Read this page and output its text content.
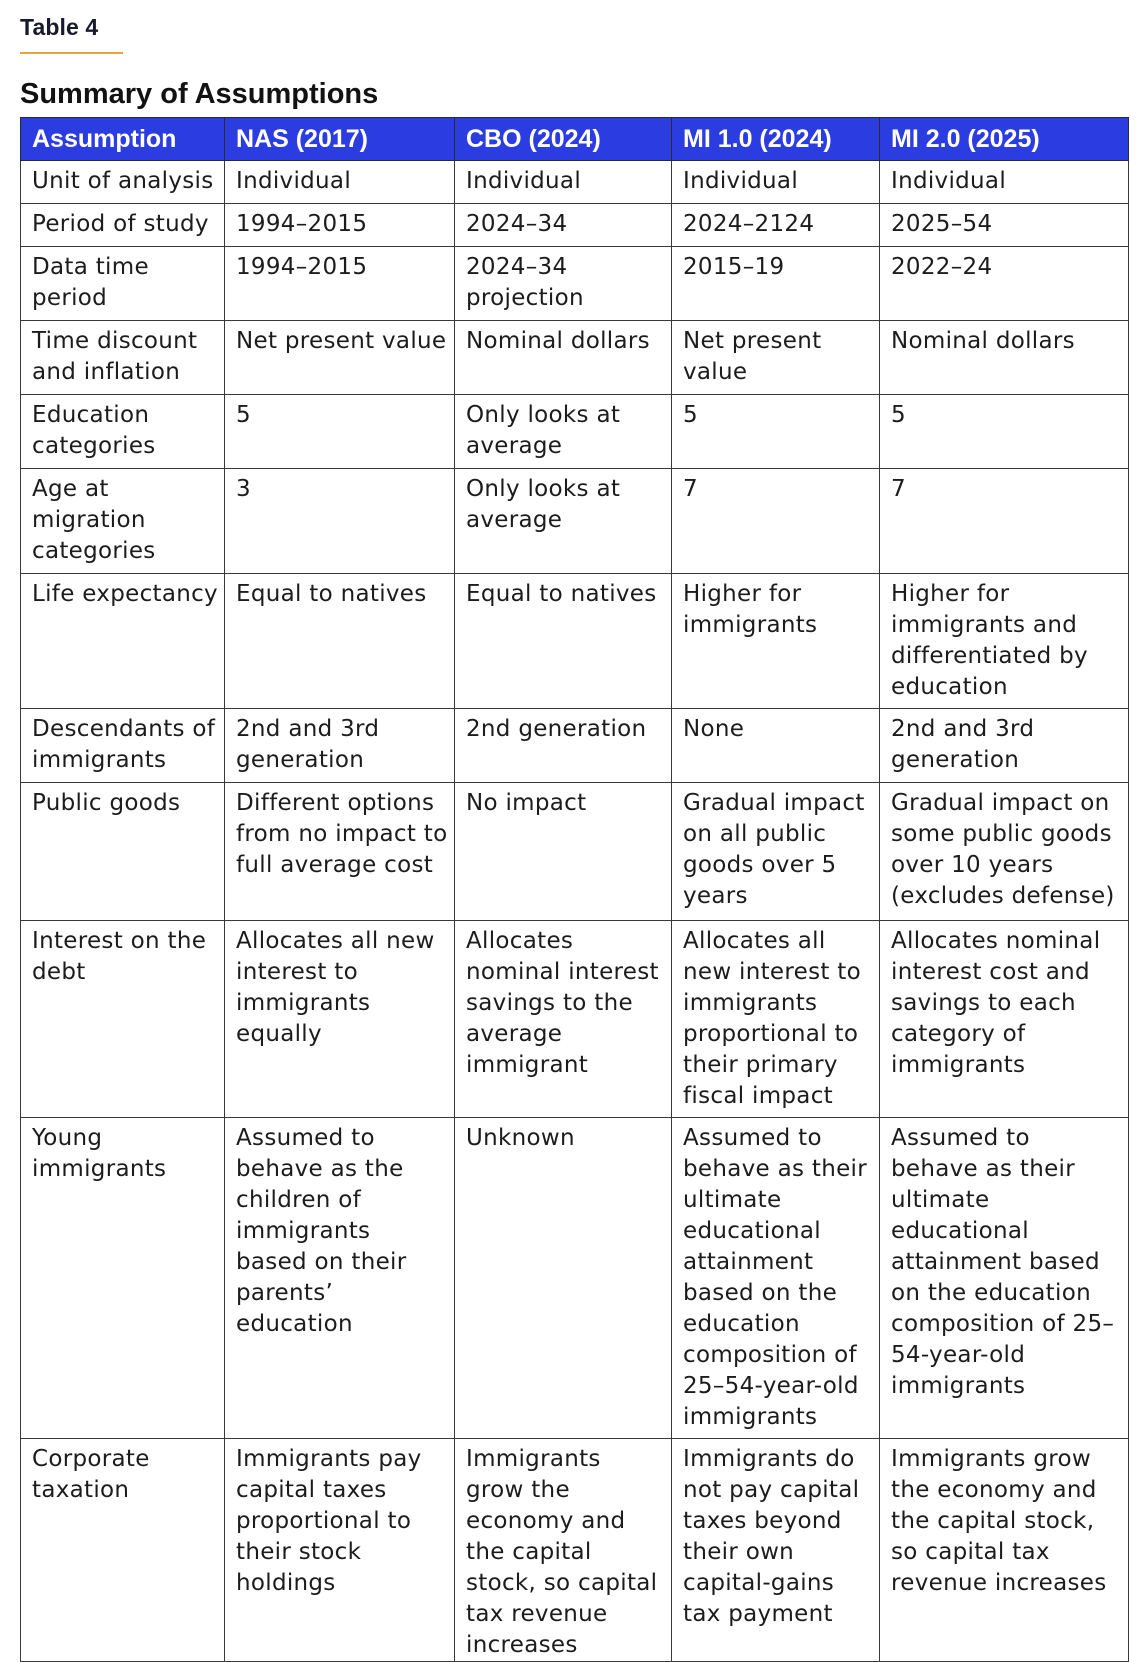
Table 4
Summary of Assumptions
Assumption	NAS (2017)	CBO (2024)	MI 1.0 (2024)	MI 2.0 (2025)
Unit of analysis	Individual	Individual	Individual	Individual
Period of study	1994–2015	2024–34	2024–2124	2025–54
Data time period	1994–2015	2024–34 projection	2015–19	2022–24
Time discount and inflation	Net present value	Nominal dollars	Net present value	Nominal dollars
Education categories	5	Only looks at average	5	5
Age at migration categories	3	Only looks at average	7	7
Life expectancy	Equal to natives	Equal to natives	Higher for immigrants	Higher for immigrants and differentiated by education
Descendants of immigrants	2nd and 3rd generation	2nd generation	None	2nd and 3rd generation
Public goods	Different options from no impact to full average cost	No impact	Gradual impact on all public goods over 5 years	Gradual impact on some public goods over 10 years (excludes defense)
Interest on the debt	Allocates all new interest to immigrants equally	Allocates nominal interest savings to the average immigrant	Allocates all new interest to immigrants proportional to their primary fiscal impact	Allocates nominal interest cost and savings to each category of immigrants
Young immigrants	Assumed to behave as the children of immigrants based on their parents’ education	Unknown	Assumed to behave as their ultimate educational attainment based on the education composition of 25–54-year-old immigrants	Assumed to behave as their ultimate educational attainment based on the education composition of 25–54-year-old immigrants
Corporate taxation	Immigrants pay capital taxes proportional to their stock holdings	Immigrants grow the economy and the capital stock, so capital tax revenue increases	Immigrants do not pay capital taxes beyond their own capital-gains tax payment	Immigrants grow the economy and the capital stock, so capital tax revenue increases
